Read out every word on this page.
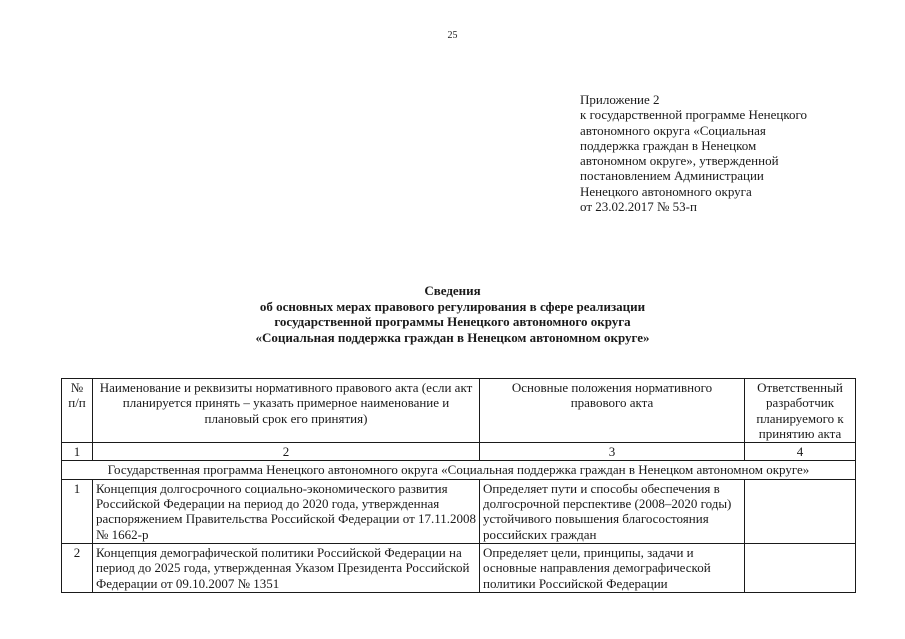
25
Приложение 2
к государственной программе Ненецкого
автономного округа «Социальная
поддержка граждан в Ненецком
автономном округе», утвержденной
постановлением Администрации
Ненецкого автономного округа
от 23.02.2017 № 53-п
Сведения
об основных мерах правового регулирования в сфере реализации
государственной программы Ненецкого автономного округа
«Социальная поддержка граждан в Ненецком автономном округе»
№ п/п	Наименование и реквизиты нормативного правового акта (если акт планируется принять – указать примерное наименование и плановый срок его принятия)	Основные положения нормативного правового акта	Ответственный разработчик планируемого к принятию акта
1	2	3	4
Государственная программа Ненецкого автономного округа «Социальная поддержка граждан в Ненецком автономном округе»			
1	Концепция долгосрочного социально-экономического развития Российской Федерации на период до 2020 года, утвержденная распоряжением Правительства Российской Федерации от 17.11.2008 № 1662-р	Определяет пути и способы обеспечения в долгосрочной перспективе (2008–2020 годы) устойчивого повышения благосостояния российских граждан	
2	Концепция демографической политики Российской Федерации на период до 2025 года, утвержденная Указом Президента Российской Федерации от 09.10.2007 № 1351	Определяет цели, принципы, задачи и основные направления демографической политики Российской Федерации	
